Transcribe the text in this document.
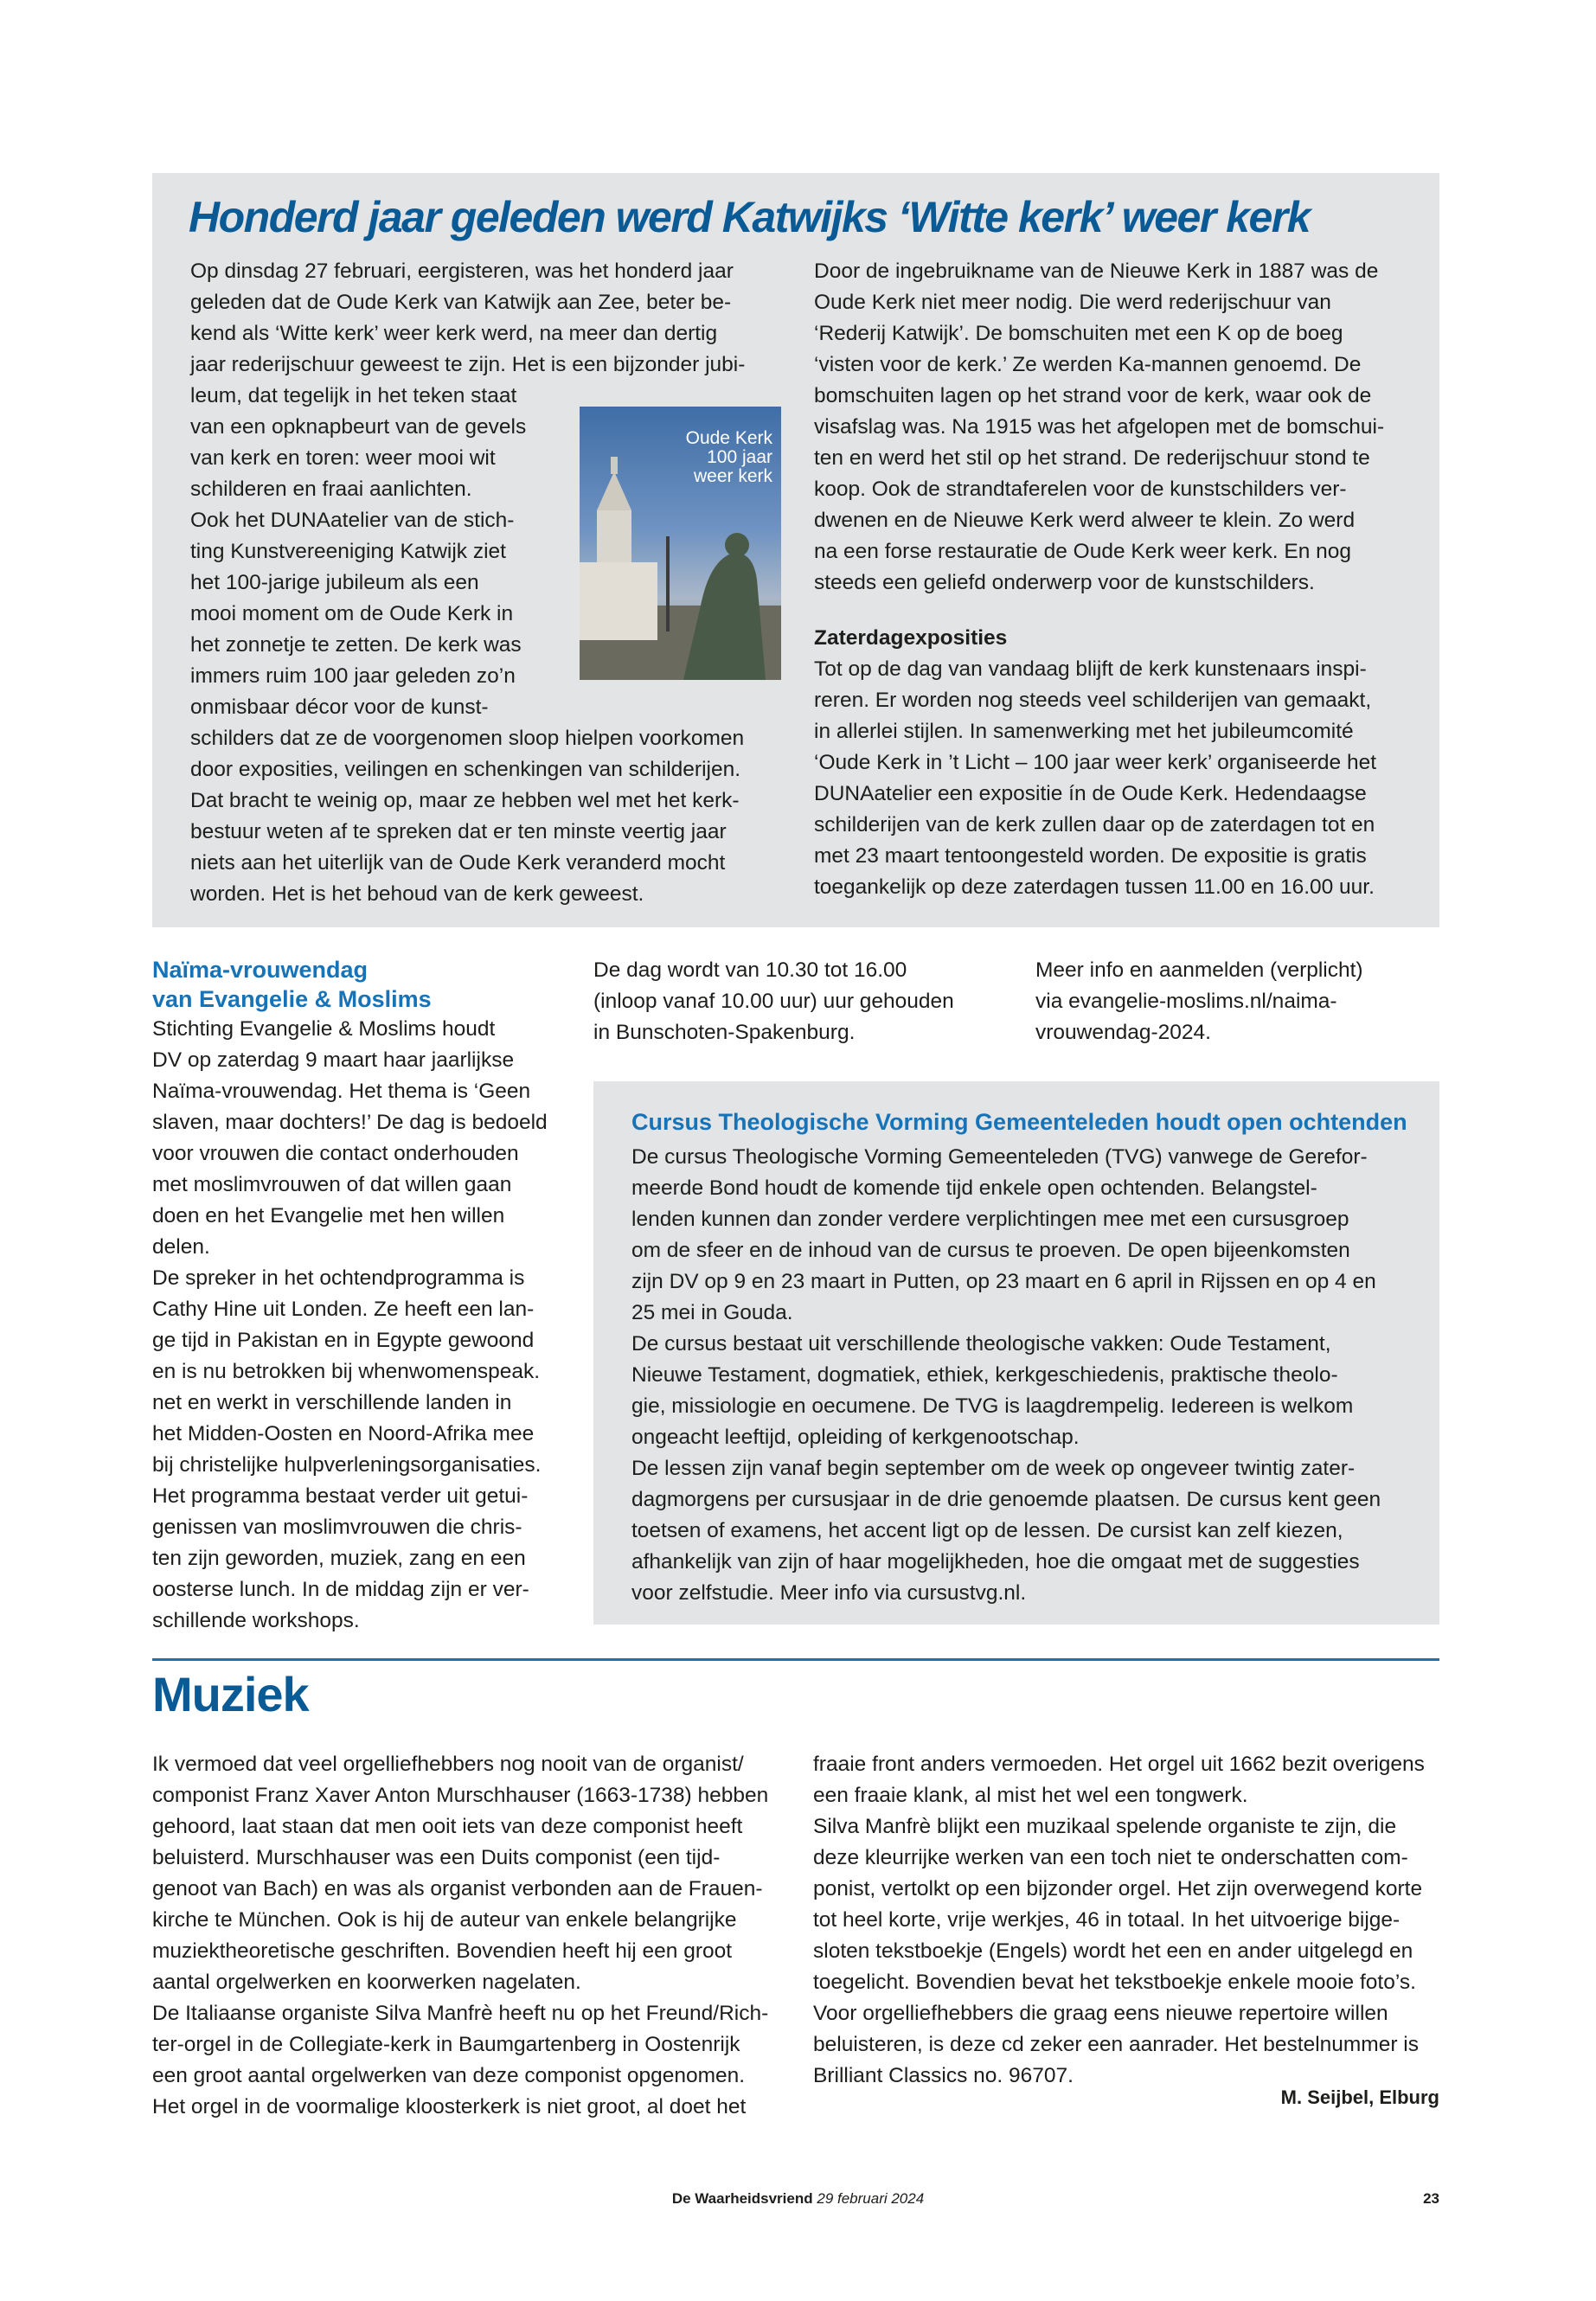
Honderd jaar geleden werd Katwijks ‘Witte kerk’ weer kerk
Op dinsdag 27 februari, eergisteren, was het honderd jaar
geleden dat de Oude Kerk van Katwijk aan Zee, beter be-
kend als ‘Witte kerk’ weer kerk werd, na meer dan dertig
jaar rederijschuur geweest te zijn. Het is een bijzonder jubi-
leum, dat tegelijk in het teken staat
van een opknapbeurt van de gevels
van kerk en toren: weer mooi wit
schilderen en fraai aanlichten.
Ook het DUNAatelier van de stich-
ting Kunstvereeniging Katwijk ziet
het 100-jarige jubileum als een
mooi moment om de Oude Kerk in
het zonnetje te zetten. De kerk was
immers ruim 100 jaar geleden zo’n
onmisbaar décor voor de kunst-
schilders dat ze de voorgenomen sloop hielpen voorkomen
door exposities, veilingen en schenkingen van schilderijen.
Dat bracht te weinig op, maar ze hebben wel met het kerk-
bestuur weten af te spreken dat er ten minste veertig jaar
niets aan het uiterlijk van de Oude Kerk veranderd mocht
worden. Het is het behoud van de kerk geweest.
Oude Kerk 100 jaar weer kerk
Door de ingebruikname van de Nieuwe Kerk in 1887 was de
Oude Kerk niet meer nodig. Die werd rederijschuur van
‘Rederij Katwijk’. De bomschuiten met een K op de boeg
‘visten voor de kerk.’ Ze werden Ka-mannen genoemd. De
bomschuiten lagen op het strand voor de kerk, waar ook de
visafslag was. Na 1915 was het afgelopen met de bomschui-
ten en werd het stil op het strand. De rederijschuur stond te
koop. Ook de strandtaferelen voor de kunstschilders ver-
dwenen en de Nieuwe Kerk werd alweer te klein. Zo werd
na een forse restauratie de Oude Kerk weer kerk. En nog
steeds een geliefd onderwerp voor de kunstschilders.
Zaterdagexposities
Tot op de dag van vandaag blijft de kerk kunstenaars inspi-
reren. Er worden nog steeds veel schilderijen van gemaakt,
in allerlei stijlen. In samenwerking met het jubileumcomité
‘Oude Kerk in ’t Licht – 100 jaar weer kerk’ organiseerde het
DUNAatelier een expositie ín de Oude Kerk. Hedendaagse
schilderijen van de kerk zullen daar op de zaterdagen tot en
met 23 maart tentoongesteld worden. De expositie is gratis
toegankelijk op deze zaterdagen tussen 11.00 en 16.00 uur.
Naïma-vrouwendag
van Evangelie & Moslims
Stichting Evangelie & Moslims houdt
DV op zaterdag 9 maart haar jaarlijkse
Naïma-vrouwendag. Het thema is ‘Geen
slaven, maar dochters!’ De dag is bedoeld
voor vrouwen die contact onderhouden
met moslimvrouwen of dat willen gaan
doen en het Evangelie met hen willen
delen.
De spreker in het ochtendprogramma is
Cathy Hine uit Londen. Ze heeft een lan-
ge tijd in Pakistan en in Egypte gewoond
en is nu betrokken bij whenwomenspeak.
net en werkt in verschillende landen in
het Midden-Oosten en Noord-Afrika mee
bij christelijke hulpverleningsorganisaties.
Het programma bestaat verder uit getui-
genissen van moslimvrouwen die chris-
ten zijn geworden, muziek, zang en een
oosterse lunch. In de middag zijn er ver-
schillende workshops.
De dag wordt van 10.30 tot 16.00
(inloop vanaf 10.00 uur) uur gehouden
in Bunschoten-Spakenburg.
Meer info en aanmelden (verplicht)
via evangelie-moslims.nl/naima-
vrouwendag-2024.
Cursus Theologische Vorming Gemeenteleden houdt open ochtenden
De cursus Theologische Vorming Gemeenteleden (TVG) vanwege de Gerefor-
meerde Bond houdt de komende tijd enkele open ochtenden. Belangstel-
lenden kunnen dan zonder verdere verplichtingen mee met een cursusgroep
om de sfeer en de inhoud van de cursus te proeven. De open bijeenkomsten
zijn DV op 9 en 23 maart in Putten, op 23 maart en 6 april in Rijssen en op 4 en
25 mei in Gouda.
De cursus bestaat uit verschillende theologische vakken: Oude Testament,
Nieuwe Testament, dogmatiek, ethiek, kerkgeschiedenis, praktische theolo-
gie, missiologie en oecumene. De TVG is laagdrempelig. Iedereen is welkom
ongeacht leeftijd, opleiding of kerkgenootschap.
De lessen zijn vanaf begin september om de week op ongeveer twintig zater-
dagmorgens per cursusjaar in de drie genoemde plaatsen. De cursus kent geen
toetsen of examens, het accent ligt op de lessen. De cursist kan zelf kiezen,
afhankelijk van zijn of haar mogelijkheden, hoe die omgaat met de suggesties
voor zelfstudie. Meer info via cursustvg.nl.
Muziek
Ik vermoed dat veel orgelliefhebbers nog nooit van de organist/
componist Franz Xaver Anton Murschhauser (1663-1738) hebben
gehoord, laat staan dat men ooit iets van deze componist heeft
beluisterd. Murschhauser was een Duits componist (een tijd-
genoot van Bach) en was als organist verbonden aan de Frauen-
kirche te München. Ook is hij de auteur van enkele belangrijke
muziektheoretische geschriften. Bovendien heeft hij een groot
aantal orgelwerken en koorwerken nagelaten.
De Italiaanse organiste Silva Manfrè heeft nu op het Freund/Rich-
ter-orgel in de Collegiate-kerk in Baumgartenberg in Oostenrijk
een groot aantal orgelwerken van deze componist opgenomen.
Het orgel in de voormalige kloosterkerk is niet groot, al doet het
fraaie front anders vermoeden. Het orgel uit 1662 bezit overigens
een fraaie klank, al mist het wel een tongwerk.
Silva Manfrè blijkt een muzikaal spelende organiste te zijn, die
deze kleurrijke werken van een toch niet te onderschatten com-
ponist, vertolkt op een bijzonder orgel. Het zijn overwegend korte
tot heel korte, vrije werkjes, 46 in totaal. In het uitvoerige bijge-
sloten tekstboekje (Engels) wordt het een en ander uitgelegd en
toegelicht. Bovendien bevat het tekstboekje enkele mooie foto’s.
Voor orgelliefhebbers die graag eens nieuwe repertoire willen
beluisteren, is deze cd zeker een aanrader. Het bestelnummer is
Brilliant Classics no. 96707.
M. Seijbel, Elburg
De Waarheidsvriend 29 februari 2024	23
